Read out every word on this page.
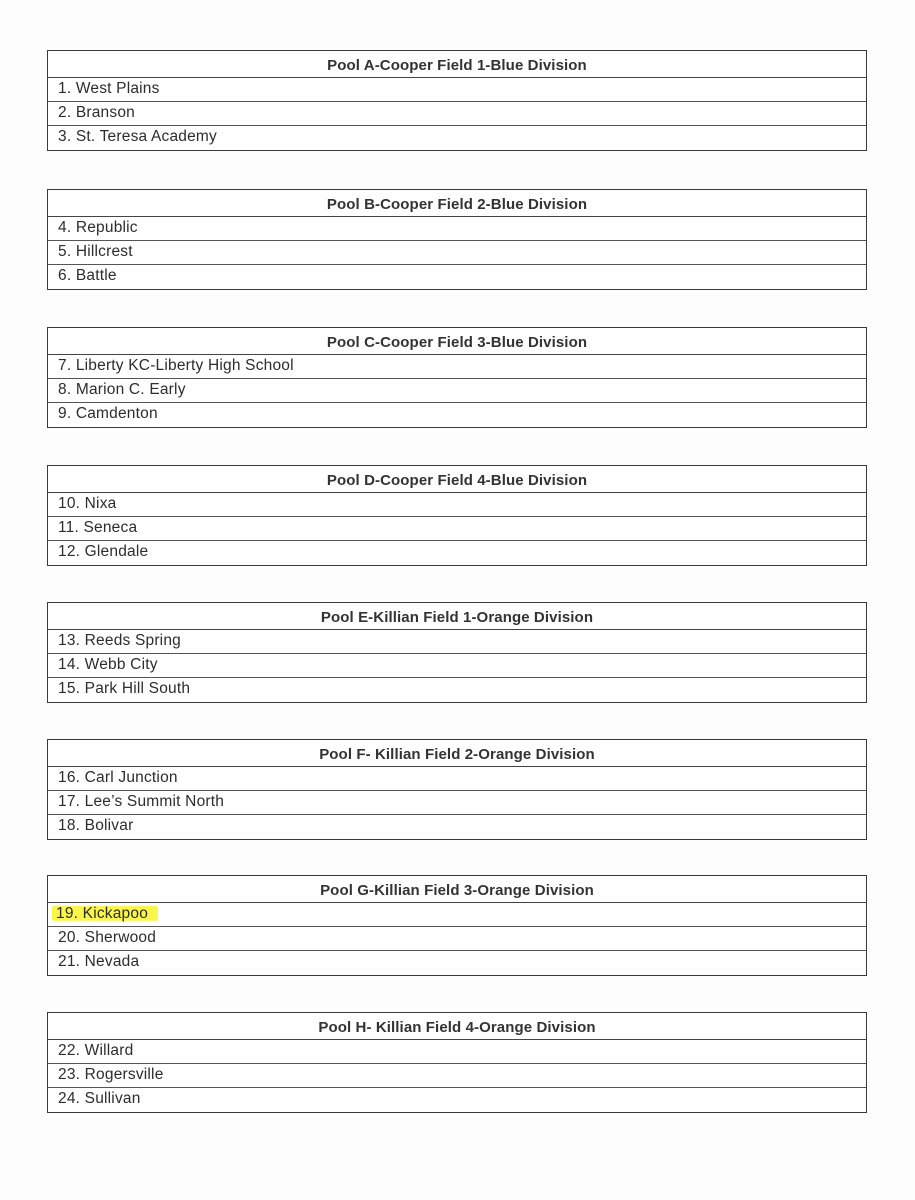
Pool A-Cooper Field 1-Blue Division
1. West Plains
2. Branson
3. St. Teresa Academy
Pool B-Cooper Field 2-Blue Division
4. Republic
5. Hillcrest
6. Battle
Pool C-Cooper Field 3-Blue Division
7. Liberty KC-Liberty High School
8. Marion C. Early
9. Camdenton
Pool D-Cooper Field 4-Blue Division
10. Nixa
11. Seneca
12. Glendale
Pool E-Killian Field 1-Orange Division
13. Reeds Spring
14. Webb City
15. Park Hill South
Pool F- Killian Field 2-Orange Division
16. Carl Junction
17. Lee’s Summit North
18. Bolivar
Pool G-Killian Field 3-Orange Division
19. Kickapoo
20. Sherwood
21. Nevada
Pool H- Killian Field 4-Orange Division
22. Willard
23. Rogersville
24. Sullivan
